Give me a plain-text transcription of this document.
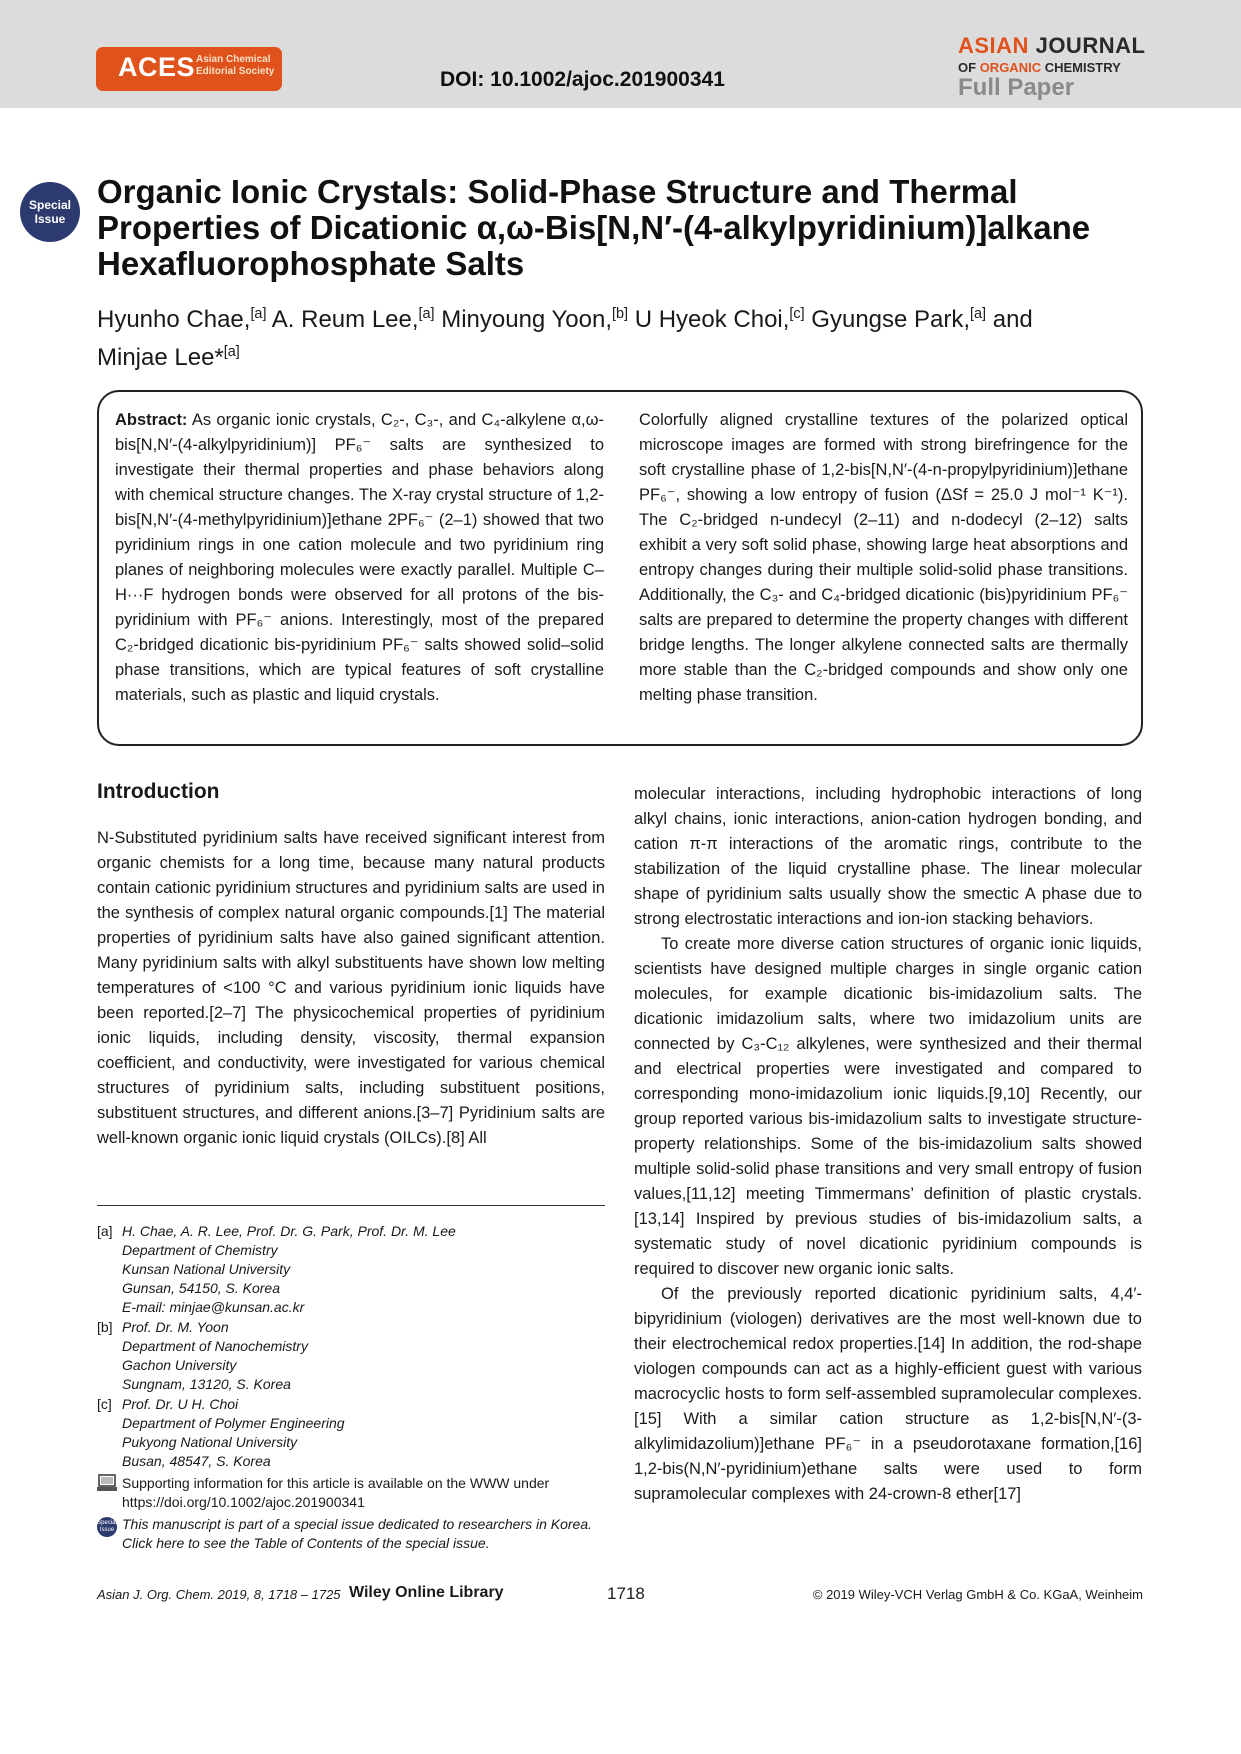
ACES Asian Chemical
Editorial Society	DOI: 10.1002/ajoc.201900341
ASIAN JOURNAL
OF ORGANIC CHEMISTRY
Full Paper
Special
Issue
Organic Ionic Crystals: Solid-Phase Structure and Thermal Properties of Dicationic α,ω-Bis[N,N′-(4-alkylpyridinium)]alkane Hexafluorophosphate Salts
Hyunho Chae,[a] A. Reum Lee,[a] Minyoung Yoon,[b] U Hyeok Choi,[c] Gyungse Park,[a] and
Minjae Lee*[a]
Abstract: As organic ionic crystals, C₂-, C₃-, and C₄-alkylene α,ω-bis[N,N′-(4-alkylpyridinium)] PF₆⁻ salts are synthesized to investigate their thermal properties and phase behaviors along with chemical structure changes. The X-ray crystal structure of 1,2-bis[N,N′-(4-methylpyridinium)]ethane 2PF₆⁻ (2–1) showed that two pyridinium rings in one cation molecule and two pyridinium ring planes of neighboring molecules were exactly parallel. Multiple C–H···F hydrogen bonds were observed for all protons of the bis-pyridinium with PF₆⁻ anions. Interestingly, most of the prepared C₂-bridged dicationic bis-pyridinium PF₆⁻ salts showed solid–solid phase transitions, which are typical features of soft crystalline materials, such as plastic and liquid crystals.
Colorfully aligned crystalline textures of the polarized optical microscope images are formed with strong birefringence for the soft crystalline phase of 1,2-bis[N,N′-(4-n-propylpyridinium)]ethane PF₆⁻, showing a low entropy of fusion (ΔSf = 25.0 J mol⁻¹ K⁻¹). The C₂-bridged n-undecyl (2–11) and n-dodecyl (2–12) salts exhibit a very soft solid phase, showing large heat absorptions and entropy changes during their multiple solid-solid phase transitions. Additionally, the C₃- and C₄-bridged dicationic (bis)pyridinium PF₆⁻ salts are prepared to determine the property changes with different bridge lengths. The longer alkylene connected salts are thermally more stable than the C₂-bridged compounds and show only one melting phase transition.
Introduction

N-Substituted pyridinium salts have received significant interest from organic chemists for a long time, because many natural products contain cationic pyridinium structures and pyridinium salts are used in the synthesis of complex natural organic compounds.[1] The material properties of pyridinium salts have also gained significant attention. Many pyridinium salts with alkyl substituents have shown low melting temperatures of <100 °C and various pyridinium ionic liquids have been reported.[2–7] The physicochemical properties of pyridinium ionic liquids, including density, viscosity, thermal expansion coefficient, and conductivity, were investigated for various chemical structures of pyridinium salts, including substituent positions, substituent structures, and different anions.[3–7] Pyridinium salts are well-known organic ionic liquid crystals (OILCs).[8] All

molecular interactions, including hydrophobic interactions of long alkyl chains, ionic interactions, anion-cation hydrogen bonding, and cation π-π interactions of the aromatic rings, contribute to the stabilization of the liquid crystalline phase. The linear molecular shape of pyridinium salts usually show the smectic A phase due to strong electrostatic interactions and ion-ion stacking behaviors.

To create more diverse cation structures of organic ionic liquids, scientists have designed multiple charges in single organic cation molecules, for example dicationic bis-imidazolium salts. The dicationic imidazolium salts, where two imidazolium units are connected by C₃-C₁₂ alkylenes, were synthesized and their thermal and electrical properties were investigated and compared to corresponding mono-imidazolium ionic liquids.[9,10] Recently, our group reported various bis-imidazolium salts to investigate structure-property relationships. Some of the bis-imidazolium salts showed multiple solid-solid phase transitions and very small entropy of fusion values,[11,12] meeting Timmermans’ definition of plastic crystals.[13,14] Inspired by previous studies of bis-imidazolium salts, a systematic study of novel dicationic pyridinium compounds is required to discover new organic ionic salts.

Of the previously reported dicationic pyridinium salts, 4,4′-bipyridinium (viologen) derivatives are the most well-known due to their electrochemical redox properties.[14] In addition, the rod-shape viologen compounds can act as a highly-efficient guest with various macrocyclic hosts to form self-assembled supramolecular complexes.[15] With a similar cation structure as 1,2-bis[N,N′-(3-alkylimidazolium)]ethane PF₆⁻ in a pseudorotaxane formation,[16] 1,2-bis(N,N′-pyridinium)ethane salts were used to form supramolecular complexes with 24-crown-8 ether[17]

[a] H. Chae, A. R. Lee, Prof. Dr. G. Park, Prof. Dr. M. Lee
Department of Chemistry
Kunsan National University
Gunsan, 54150, S. Korea
E-mail: minjae@kunsan.ac.kr
[b] Prof. Dr. M. Yoon
Department of Nanochemistry
Gachon University
Sungnam, 13120, S. Korea
[c] Prof. Dr. U H. Choi
Department of Polymer Engineering
Pukyong National University
Busan, 48547, S. Korea
Supporting information for this article is available on the WWW under https://doi.org/10.1002/ajoc.201900341
Special
Issue This manuscript is part of a special issue dedicated to researchers in Korea. Click here to see the Table of Contents of the special issue.
Asian J. Org. Chem. 2019, 8, 1718 – 1725 Wiley Online Library	1718	© 2019 Wiley-VCH Verlag GmbH & Co. KGaA, Weinheim
